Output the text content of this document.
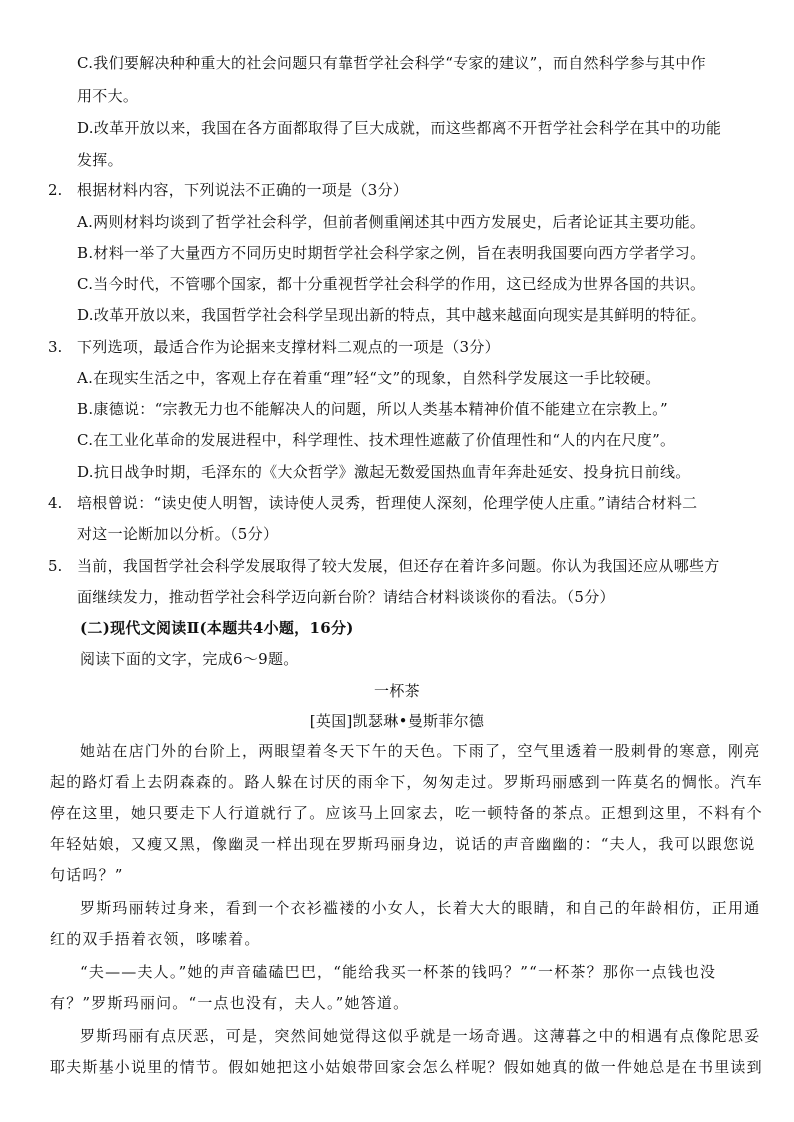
C.我们要解决种种重大的社会问题只有靠哲学社会科学“专家的建议”，而自然科学参与其中作
用不大。
D.改革开放以来，我国在各方面都取得了巨大成就，而这些都离不开哲学社会科学在其中的功能
发挥。
2. 根据材料内容，下列说法不正确的一项是（3分）
A.两则材料均谈到了哲学社会科学，但前者侧重阐述其中西方发展史，后者论证其主要功能。
B.材料一举了大量西方不同历史时期哲学社会科学家之例，旨在表明我国要向西方学者学习。
C.当今时代，不管哪个国家，都十分重视哲学社会科学的作用，这已经成为世界各国的共识。
D.改革开放以来，我国哲学社会科学呈现出新的特点，其中越来越面向现实是其鲜明的特征。
3. 下列选项，最适合作为论据来支撑材料二观点的一项是（3分）
A.在现实生活之中，客观上存在着重“理”轻“文”的现象，自然科学发展这一手比较硬。
B.康德说：“宗教无力也不能解决人的问题，所以人类基本精神价值不能建立在宗教上。”
C.在工业化革命的发展进程中，科学理性、技术理性遮蔽了价值理性和“人的内在尺度”。
D.抗日战争时期，毛泽东的《大众哲学》激起无数爱国热血青年奔赴延安、投身抗日前线。
4. 培根曾说：“读史使人明智，读诗使人灵秀，哲理使人深刻，伦理学使人庄重。”请结合材料二
对这一论断加以分析。（5分）
5. 当前，我国哲学社会科学发展取得了较大发展，但还存在着许多问题。你认为我国还应从哪些方
面继续发力，推动哲学社会科学迈向新台阶？请结合材料谈谈你的看法。（5分）
(二)现代文阅读Ⅱ(本题共4小题，16分)
阅读下面的文字，完成6～9题。
一杯茶
[英国]凯瑟琳•曼斯菲尔德
她站在店门外的台阶上，两眼望着冬天下午的天色。下雨了，空气里透着一股刺骨的寒意，刚亮
起的路灯看上去阴森森的。路人躲在讨厌的雨伞下，匆匆走过。罗斯玛丽感到一阵莫名的惆怅。汽车
停在这里，她只要走下人行道就行了。应该马上回家去，吃一顿特备的茶点。正想到这里，不料有个
年轻姑娘，又瘦又黑，像幽灵一样出现在罗斯玛丽身边，说话的声音幽幽的：“夫人，我可以跟您说
句话吗？”
罗斯玛丽转过身来，看到一个衣衫褴褛的小女人，长着大大的眼睛，和自己的年龄相仿，正用通
红的双手捂着衣领，哆嗦着。
“夫——夫人。”她的声音磕磕巴巴，“能给我买一杯茶的钱吗？”“一杯茶？那你一点钱也没
有？”罗斯玛丽问。“一点也没有，夫人。”她答道。
罗斯玛丽有点厌恶，可是，突然间她觉得这似乎就是一场奇遇。这薄暮之中的相遇有点像陀思妥
耶夫斯基小说里的情节。假如她把这小姑娘带回家会怎么样呢？假如她真的做一件她总是在书里读到
